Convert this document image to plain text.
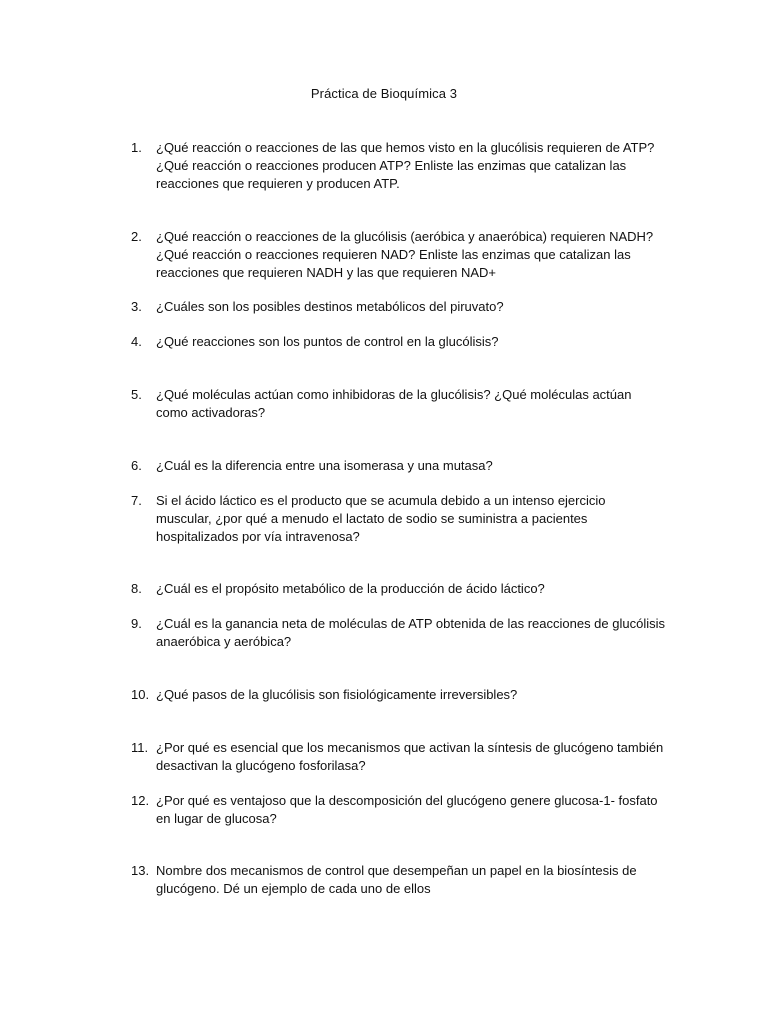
Práctica de Bioquímica 3
1.	¿Qué reacción o reacciones de las que hemos visto en la glucólisis requieren de ATP?
¿Qué reacción o reacciones producen ATP? Enliste las enzimas que catalizan las
reacciones que requieren y producen ATP.
2.	¿Qué reacción o reacciones de la glucólisis (aeróbica y anaeróbica) requieren NADH?
¿Qué reacción o reacciones requieren NAD? Enliste las enzimas que catalizan las
reacciones que requieren NADH y las que requieren NAD+
3.	¿Cuáles son los posibles destinos metabólicos del piruvato?
4.	¿Qué reacciones son los puntos de control en la glucólisis?
5.	¿Qué moléculas actúan como inhibidoras de la glucólisis? ¿Qué moléculas actúan
como activadoras?
6.	¿Cuál es la diferencia entre una isomerasa y una mutasa?
7.	Si el ácido láctico es el producto que se acumula debido a un intenso ejercicio
muscular, ¿por qué a menudo el lactato de sodio se suministra a pacientes
hospitalizados por vía intravenosa?
8.	¿Cuál es el propósito metabólico de la producción de ácido láctico?
9.	¿Cuál es la ganancia neta de moléculas de ATP obtenida de las reacciones de glucólisis
anaeróbica y aeróbica?
10. ¿Qué pasos de la glucólisis son fisiológicamente irreversibles?
11. ¿Por qué es esencial que los mecanismos que activan la síntesis de glucógeno también
desactivan la glucógeno fosforilasa?
12. ¿Por qué es ventajoso que la descomposición del glucógeno genere glucosa-1- fosfato
en lugar de glucosa?
13. Nombre dos mecanismos de control que desempeñan un papel en la biosíntesis de
glucógeno. Dé un ejemplo de cada uno de ellos
